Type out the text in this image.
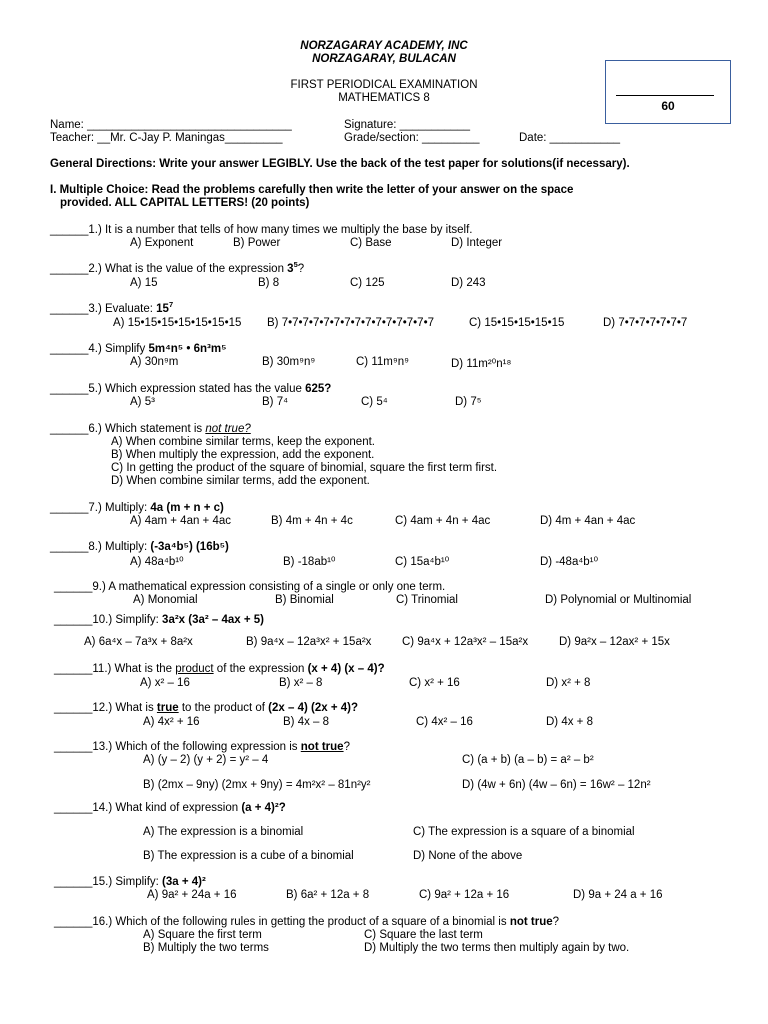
NORZAGARAY ACADEMY, INC
NORZAGARAY, BULACAN
FIRST PERIODICAL EXAMINATION
MATHEMATICS 8
60
Name: ________________________________	Signature: ___________
Teacher: __Mr. C-Jay P. Maningas_________	Grade/section: _________	Date: ___________
General Directions: Write your answer LEGIBLY. Use the back of the test paper for solutions(if necessary).
I. Multiple Choice: Read the problems carefully then write the letter of your answer on the space
provided. ALL CAPITAL LETTERS! (20 points)
______1.) It is a number that tells of how many times we multiply the base by itself.
A) Exponent	B) Power	C) Base	D) Integer
______2.) What is the value of the expression $3^5$?
A) 15	B) 8	C) 125	D) 243
______3.) Evaluate: $15^7$
A) 15•15•15•15•15•15•15 B) 7•7•7•7•7•7•7•7•7•7•7•7•7•7•7	C) 15•15•15•15•15	D) 7•7•7•7•7•7•7
______4.) Simplify 5m⁴n⁵ • 6n³m⁵
A) 30n⁹m	B) 30m⁹n⁹	C) 11m⁹n⁹	D) 11m²⁰n¹⁸
______5.) Which expression stated has the value 625?
A) 5³	B) 7⁴	C) 5⁴	D) 7⁵
______6.) Which statement is not true?
A) When combine similar terms, keep the exponent.
B) When multiply the expression, add the exponent.
C) In getting the product of the square of binomial, square the first term first.
D) When combine similar terms, add the exponent.
______7.) Multiply: 4a (m + n + c)
A) 4am + 4an + 4ac	B) 4m + 4n + 4c	C) 4am + 4n + 4ac	D) 4m + 4an + 4ac
______8.) Multiply: (-3a⁴b⁵) (16b⁵)
A) 48a⁴b¹⁰	B) -18ab¹⁰	C) 15a⁴b¹⁰	D) -48a⁴b¹⁰
______9.) A mathematical expression consisting of a single or only one term.
A) Monomial	B) Binomial	C) Trinomial	D) Polynomial or Multinomial
______10.) Simplify: 3a²x (3a² – 4ax + 5)
A) 6a⁴x – 7a³x + 8a²x	B) 9a⁴x – 12a³x² + 15a²x	C) 9a⁴x + 12a³x² – 15a²x	D) 9a²x – 12ax² + 15x
______11.) What is the product of the expression (x + 4) (x – 4)?
A) x² – 16	B) x² – 8	C) x² + 16	D) x² + 8
______12.) What is true to the product of (2x – 4) (2x + 4)?
A) 4x² + 16	B) 4x – 8	C) 4x² – 16	D) 4x + 8
______13.) Which of the following expression is not true?
A) (y – 2) (y + 2) = y² – 4	C) (a + b) (a – b) = a² – b²
B) (2mx – 9ny) (2mx + 9ny) = 4m²x² – 81n²y²	D) (4w + 6n) (4w – 6n) = 16w² – 12n²
______14.) What kind of expression (a + 4)²?
A) The expression is a binomial	C) The expression is a square of a binomial
B) The expression is a cube of a binomial	D) None of the above
______15.) Simplify: (3a + 4)²
A) 9a² + 24a + 16	B) 6a² + 12a + 8	C) 9a² + 12a + 16	D) 9a + 24 a + 16
______16.) Which of the following rules in getting the product of a square of a binomial is not true?
A) Square the first term	C) Square the last term
B) Multiply the two terms	D) Multiply the two terms then multiply again by two.
